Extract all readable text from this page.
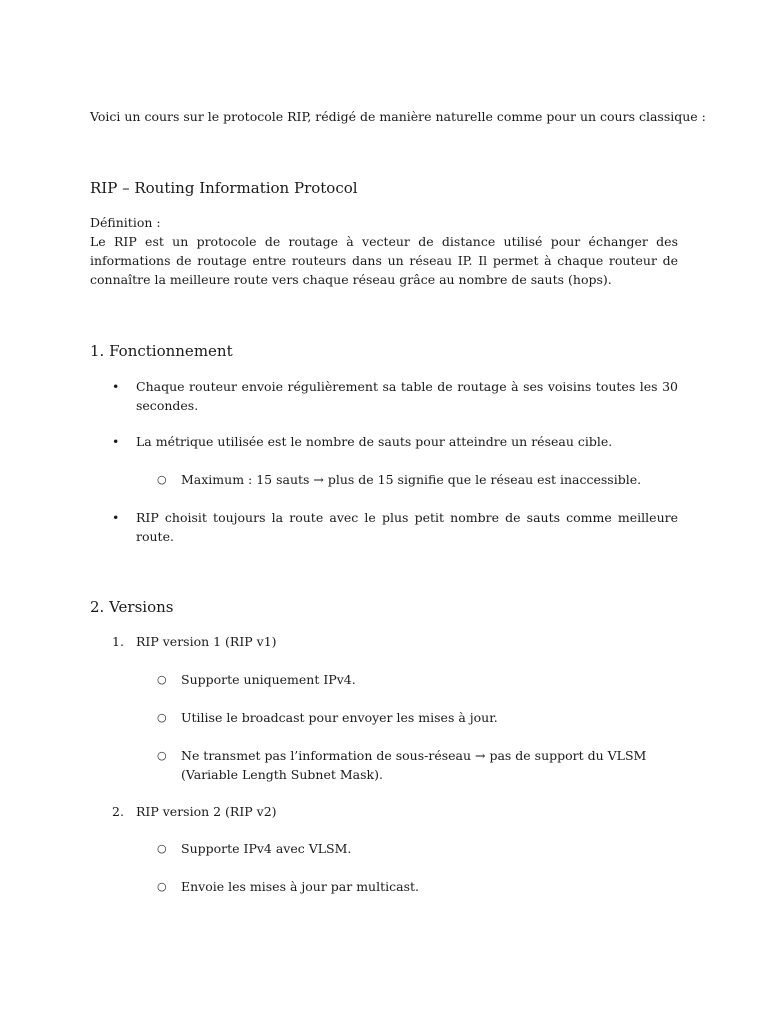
Voici un cours sur le protocole RIP, rédigé de manière naturelle comme pour un cours classique :
RIP – Routing Information Protocol
Définition :
Le RIP est un protocole de routage à vecteur de distance utilisé pour échanger des informations de routage entre routeurs dans un réseau IP. Il permet à chaque routeur de connaître la meilleure route vers chaque réseau grâce au nombre de sauts (hops).
1. Fonctionnement
•	Chaque routeur envoie régulièrement sa table de routage à ses voisins toutes les 30 secondes.
•	La métrique utilisée est le nombre de sauts pour atteindre un réseau cible.
○	Maximum : 15 sauts → plus de 15 signifie que le réseau est inaccessible.
•	RIP choisit toujours la route avec le plus petit nombre de sauts comme meilleure route.
2. Versions
1. RIP version 1 (RIP v1)
○	Supporte uniquement IPv4.
○	Utilise le broadcast pour envoyer les mises à jour.
○	Ne transmet pas l’information de sous-réseau → pas de support du VLSM (Variable Length Subnet Mask).
2. RIP version 2 (RIP v2)
○	Supporte IPv4 avec VLSM.
○	Envoie les mises à jour par multicast.
